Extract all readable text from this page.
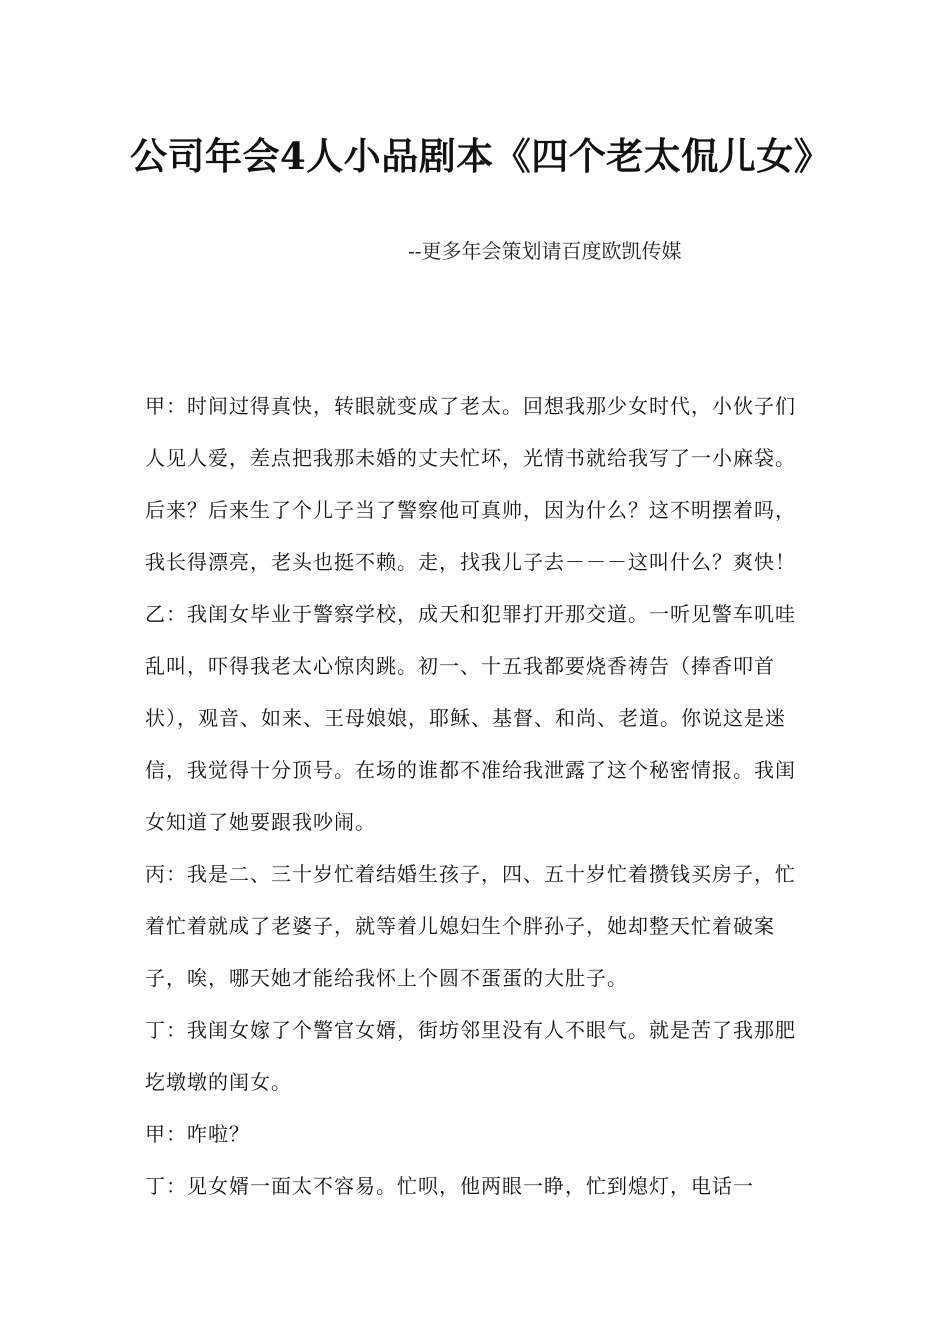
公司年会4人小品剧本《四个老太侃儿女》

--更多年会策划请百度欧凯传媒

甲：时间过得真快，转眼就变成了老太。回想我那少女时代，小伙子们人见人爱，差点把我那未婚的丈夫忙坏，光情书就给我写了一小麻袋。后来？后来生了个儿子当了警察他可真帅，因为什么？这不明摆着吗，我长得漂亮，老头也挺不赖。走，找我儿子去－－－这叫什么？爽快！

乙：我闺女毕业于警察学校，成天和犯罪打开那交道。一听见警车叽哇乱叫，吓得我老太心惊肉跳。初一、十五我都要烧香祷告（捧香叩首状），观音、如来、王母娘娘，耶稣、基督、和尚、老道。你说这是迷信，我觉得十分顶号。在场的谁都不准给我泄露了这个秘密情报。我闺女知道了她要跟我吵闹。

丙：我是二、三十岁忙着结婚生孩子，四、五十岁忙着攒钱买房子，忙着忙着就成了老婆子，就等着儿媳妇生个胖孙子，她却整天忙着破案子，唉，哪天她才能给我怀上个圆不蛋蛋的大肚子。

丁：我闺女嫁了个警官女婿，街坊邻里没有人不眼气。就是苦了我那肥圪墩墩的闺女。

甲：咋啦？

丁：见女婿一面太不容易。忙呗，他两眼一睁，忙到熄灯，电话一
